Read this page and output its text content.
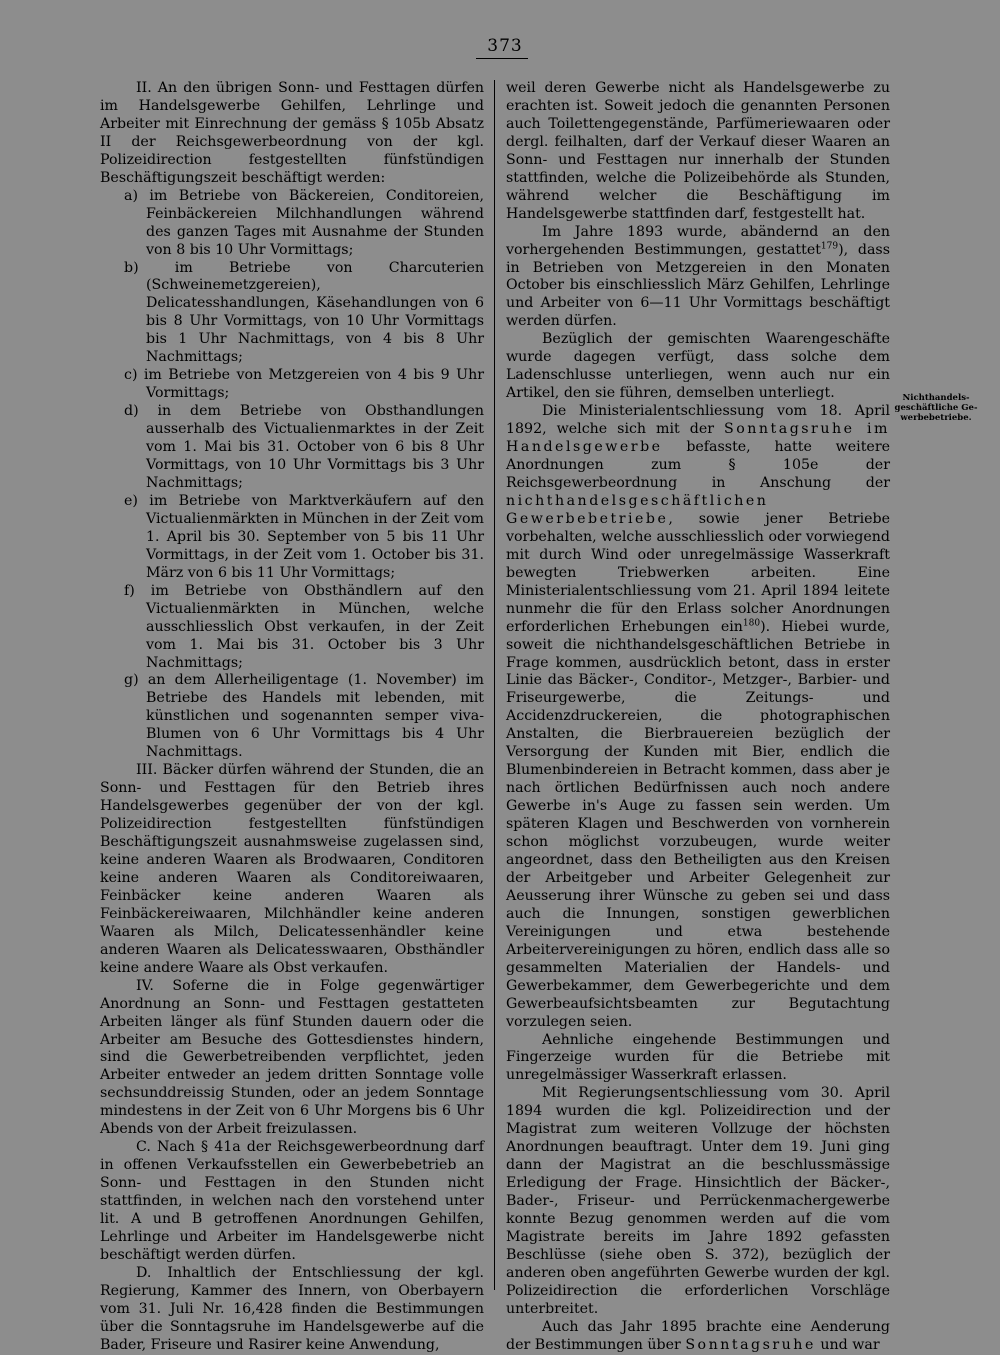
373

II. An den übrigen Sonn- und Festtagen dürfen im Handelsgewerbe Gehilfen, Lehrlinge und Arbeiter mit Einrechnung der gemäss § 105b Absatz II der Reichsgewerbeordnung von der kgl. Polizeidirection festgestellten fünfstündigen Beschäftigungszeit beschäftigt werden:

a) im Betriebe von Bäckereien, Conditoreien, Feinbäckereien Milchhandlungen während des ganzen Tages mit Ausnahme der Stunden von 8 bis 10 Uhr Vormittags;

b) im Betriebe von Charcuterien (Schweinemetzgereien), Delicatesshandlungen, Käsehandlungen von 6 bis 8 Uhr Vormittags, von 10 Uhr Vormittags bis 1 Uhr Nachmittags, von 4 bis 8 Uhr Nachmittags;

c) im Betriebe von Metzgereien von 4 bis 9 Uhr Vormittags;

d) in dem Betriebe von Obsthandlungen ausserhalb des Victualienmarktes in der Zeit vom 1. Mai bis 31. October von 6 bis 8 Uhr Vormittags, von 10 Uhr Vormittags bis 3 Uhr Nachmittags;

e) im Betriebe von Marktverkäufern auf den Victualienmärkten in München in der Zeit vom 1. April bis 30. September von 5 bis 11 Uhr Vormittags, in der Zeit vom 1. October bis 31. März von 6 bis 11 Uhr Vormittags;

f) im Betriebe von Obsthändlern auf den Victualienmärkten in München, welche ausschliesslich Obst verkaufen, in der Zeit vom 1. Mai bis 31. October bis 3 Uhr Nachmittags;

g) an dem Allerheiligentage (1. November) im Betriebe des Handels mit lebenden, mit künstlichen und sogenannten semper viva-Blumen von 6 Uhr Vormittags bis 4 Uhr Nachmittags.

III. Bäcker dürfen während der Stunden, die an Sonn- und Festtagen für den Betrieb ihres Handelsgewerbes gegenüber der von der kgl. Polizeidirection festgestellten fünfstündigen Beschäftigungszeit ausnahmsweise zugelassen sind, keine anderen Waaren als Brodwaaren, Conditoren keine anderen Waaren als Conditoreiwaaren, Feinbäcker keine anderen Waaren als Feinbäckereiwaaren, Milchhändler keine anderen Waaren als Milch, Delicatessenhändler keine anderen Waaren als Delicatesswaaren, Obsthändler keine andere Waare als Obst verkaufen.

IV. Soferne die in Folge gegenwärtiger Anordnung an Sonn- und Festtagen gestatteten Arbeiten länger als fünf Stunden dauern oder die Arbeiter am Besuche des Gottesdienstes hindern, sind die Gewerbetreibenden verpflichtet, jeden Arbeiter entweder an jedem dritten Sonntage volle sechsunddreissig Stunden, oder an jedem Sonntage mindestens in der Zeit von 6 Uhr Morgens bis 6 Uhr Abends von der Arbeit freizulassen.

C. Nach § 41a der Reichsgewerbeordnung darf in offenen Verkaufsstellen ein Gewerbebetrieb an Sonn- und Festtagen in den Stunden nicht stattfinden, in welchen nach den vorstehend unter lit. A und B getroffenen Anordnungen Gehilfen, Lehrlinge und Arbeiter im Handelsgewerbe nicht beschäftigt werden dürfen.

D. Inhaltlich der Entschliessung der kgl. Regierung, Kammer des Innern, von Oberbayern vom 31. Juli Nr. 16,428 finden die Bestimmungen über die Sonntagsruhe im Handelsgewerbe auf die Bader, Friseure und Rasirer keine Anwendung,

weil deren Gewerbe nicht als Handelsgewerbe zu erachten ist. Soweit jedoch die genannten Personen auch Toilettengegenstände, Parfümeriewaaren oder dergl. feilhalten, darf der Verkauf dieser Waaren an Sonn- und Festtagen nur innerhalb der Stunden stattfinden, welche die Polizeibehörde als Stunden, während welcher die Beschäftigung im Handelsgewerbe stattfinden darf, festgestellt hat.

Im Jahre 1893 wurde, abändernd an den vorhergehenden Bestimmungen, gestattet$^{179}$), dass in Betrieben von Metzgereien in den Monaten October bis einschliesslich März Gehilfen, Lehrlinge und Arbeiter von 6—11 Uhr Vormittags beschäftigt werden dürfen.

Bezüglich der gemischten Waarengeschäfte wurde dagegen verfügt, dass solche dem Ladenschlusse unterliegen, wenn auch nur ein Artikel, den sie führen, demselben unterliegt.

Die Ministerialentschliessung vom 18. April 1892, welche sich mit der Sonntagsruhe im Handelsgewerbe befasste, hatte weitere Anordnungen zum § 105e der Reichsgewerbeordnung in Anschung der nichthandelsgeschäftlichen Gewerbebetriebe, sowie jener Betriebe vorbehalten, welche ausschliesslich oder vorwiegend mit durch Wind oder unregelmässige Wasserkraft bewegten Triebwerken arbeiten. Eine Ministerialentschliessung vom 21. April 1894 leitete nunmehr die für den Erlass solcher Anordnungen erforderlichen Erhebungen ein$^{180}$). Hiebei wurde, soweit die nichthandelsgeschäftlichen Betriebe in Frage kommen, ausdrücklich betont, dass in erster Linie das Bäcker-, Conditor-, Metzger-, Barbier- und Friseurgewerbe, die Zeitungs- und Accidenzdruckereien, die photographischen Anstalten, die Bierbrauereien bezüglich der Versorgung der Kunden mit Bier, endlich die Blumenbindereien in Betracht kommen, dass aber je nach örtlichen Bedürfnissen auch noch andere Gewerbe in's Auge zu fassen sein werden. Um späteren Klagen und Beschwerden von vornherein schon möglichst vorzubeugen, wurde weiter angeordnet, dass den Betheiligten aus den Kreisen der Arbeitgeber und Arbeiter Gelegenheit zur Aeusserung ihrer Wünsche zu geben sei und dass auch die Innungen, sonstigen gewerblichen Vereinigungen und etwa bestehende Arbeitervereinigungen zu hören, endlich dass alle so gesammelten Materialien der Handels- und Gewerbekammer, dem Gewerbegerichte und dem Gewerbeaufsichtsbeamten zur Begutachtung vorzulegen seien.

Aehnliche eingehende Bestimmungen und Fingerzeige wurden für die Betriebe mit unregelmässiger Wasserkraft erlassen.

Mit Regierungsentschliessung vom 30. April 1894 wurden die kgl. Polizeidirection und der Magistrat zum weiteren Vollzuge der höchsten Anordnungen beauftragt. Unter dem 19. Juni ging dann der Magistrat an die beschlussmässige Erledigung der Frage. Hinsichtlich der Bäcker-, Bader-, Friseur- und Perrückenmachergewerbe konnte Bezug genommen werden auf die vom Magistrate bereits im Jahre 1892 gefassten Beschlüsse (siehe oben S. 372), bezüglich der anderen oben angeführten Gewerbe wurden der kgl. Polizeidirection die erforderlichen Vorschläge unterbreitet.

Auch das Jahr 1895 brachte eine Aenderung der Bestimmungen über Sonntagsruhe und war

Nichthandels-
geschäftliche Ge-
werbebetriebe.
